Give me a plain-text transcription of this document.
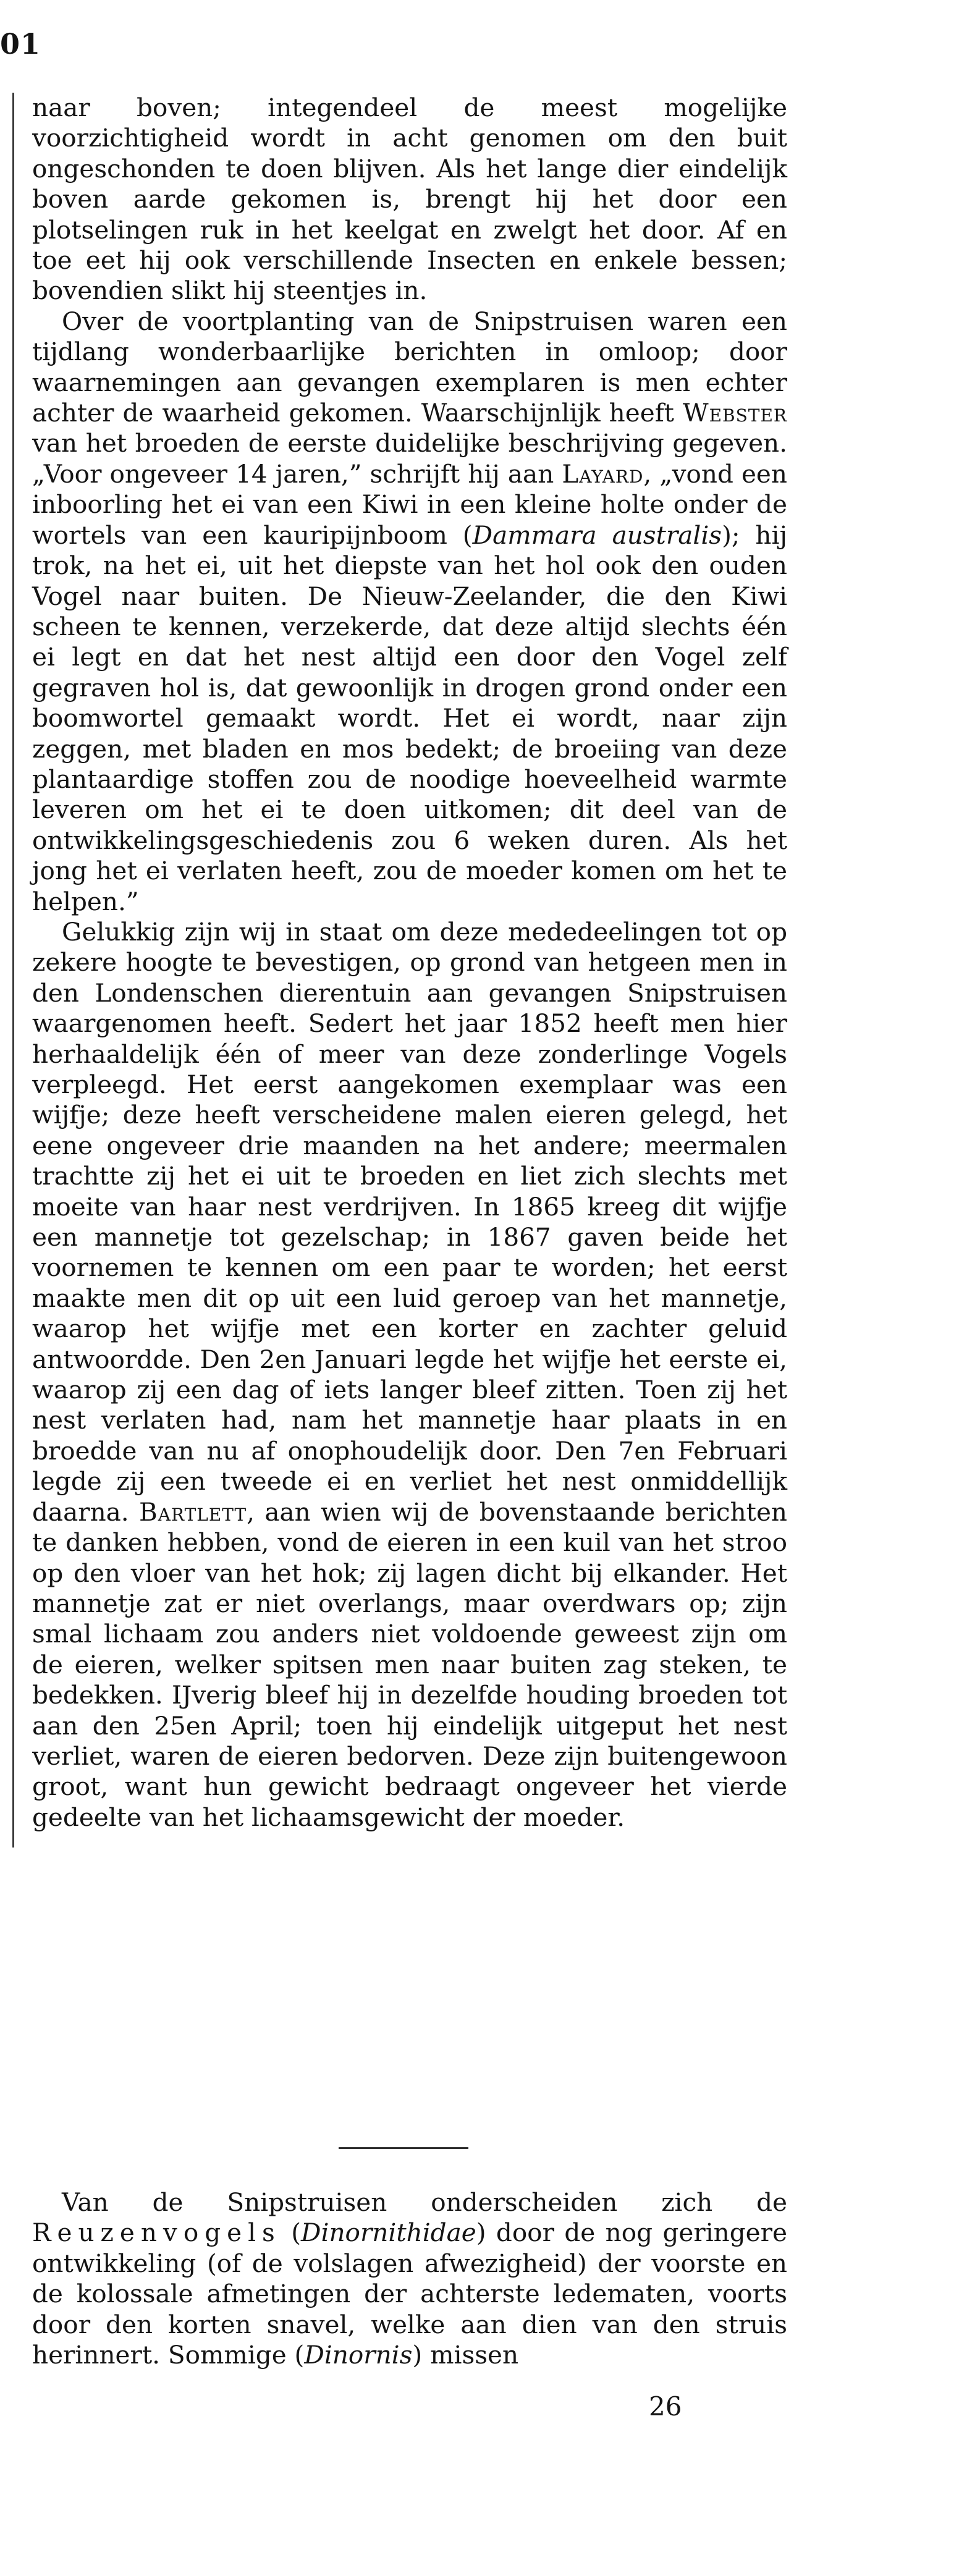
01

naar boven; integendeel de meest mogelijke voorzichtigheid wordt in acht genomen om den buit ongeschonden te doen blijven. Als het lange dier eindelijk boven aarde gekomen is, brengt hij het door een plotselingen ruk in het keelgat en zwelgt het door. Af en toe eet hij ook verschillende Insecten en enkele bessen; bovendien slikt hij steentjes in.

Over de voortplanting van de Snipstruisen waren een tijdlang wonderbaarlijke berichten in omloop; door waarnemingen aan gevangen exemplaren is men echter achter de waarheid gekomen. Waarschijnlijk heeft Webster van het broeden de eerste duidelijke beschrijving gegeven. „Voor ongeveer 14 jaren,” schrijft hij aan Layard, „vond een inboorling het ei van een Kiwi in een kleine holte onder de wortels van een kauripijnboom (Dammara australis); hij trok, na het ei, uit het diepste van het hol ook den ouden Vogel naar buiten. De Nieuw-Zeelander, die den Kiwi scheen te kennen, verzekerde, dat deze altijd slechts één ei legt en dat het nest altijd een door den Vogel zelf gegraven hol is, dat gewoonlijk in drogen grond onder een boomwortel gemaakt wordt. Het ei wordt, naar zijn zeggen, met bladen en mos bedekt; de broeiing van deze plantaardige stoffen zou de noodige hoeveelheid warmte leveren om het ei te doen uitkomen; dit deel van de ontwikkelingsgeschiedenis zou 6 weken duren. Als het jong het ei verlaten heeft, zou de moeder komen om het te helpen.”

Gelukkig zijn wij in staat om deze mededeelingen tot op zekere hoogte te bevestigen, op grond van hetgeen men in den Londenschen dierentuin aan gevangen Snipstruisen waargenomen heeft. Sedert het jaar 1852 heeft men hier herhaaldelijk één of meer van deze zonderlinge Vogels verpleegd. Het eerst aangekomen exemplaar was een wijfje; deze heeft verscheidene malen eieren gelegd, het eene ongeveer drie maanden na het andere; meermalen trachtte zij het ei uit te broeden en liet zich slechts met moeite van haar nest verdrijven. In 1865 kreeg dit wijfje een mannetje tot gezelschap; in 1867 gaven beide het voornemen te kennen om een paar te worden; het eerst maakte men dit op uit een luid geroep van het mannetje, waarop het wijfje met een korter en zachter geluid antwoordde. Den 2en Januari legde het wijfje het eerste ei, waarop zij een dag of iets langer bleef zitten. Toen zij het nest verlaten had, nam het mannetje haar plaats in en broedde van nu af onophoudelijk door. Den 7en Februari legde zij een tweede ei en verliet het nest onmiddellijk daarna. Bartlett, aan wien wij de bovenstaande berichten te danken hebben, vond de eieren in een kuil van het stroo op den vloer van het hok; zij lagen dicht bij elkander. Het mannetje zat er niet overlangs, maar overdwars op; zijn smal lichaam zou anders niet voldoende geweest zijn om de eieren, welker spitsen men naar buiten zag steken, te bedekken. IJverig bleef hij in dezelfde houding broeden tot aan den 25en April; toen hij eindelijk uitgeput het nest verliet, waren de eieren bedorven. Deze zijn buitengewoon groot, want hun gewicht bedraagt ongeveer het vierde gedeelte van het lichaamsgewicht der moeder.

Van de Snipstruisen onderscheiden zich de Reuzenvogels (Dinornithidae) door de nog geringere ontwikkeling (of de volslagen afwezigheid) der voorste en de kolossale afmetingen der achterste ledematen, voorts door den korten snavel, welke aan dien van den struis herinnert. Sommige (Dinornis) missen

26
